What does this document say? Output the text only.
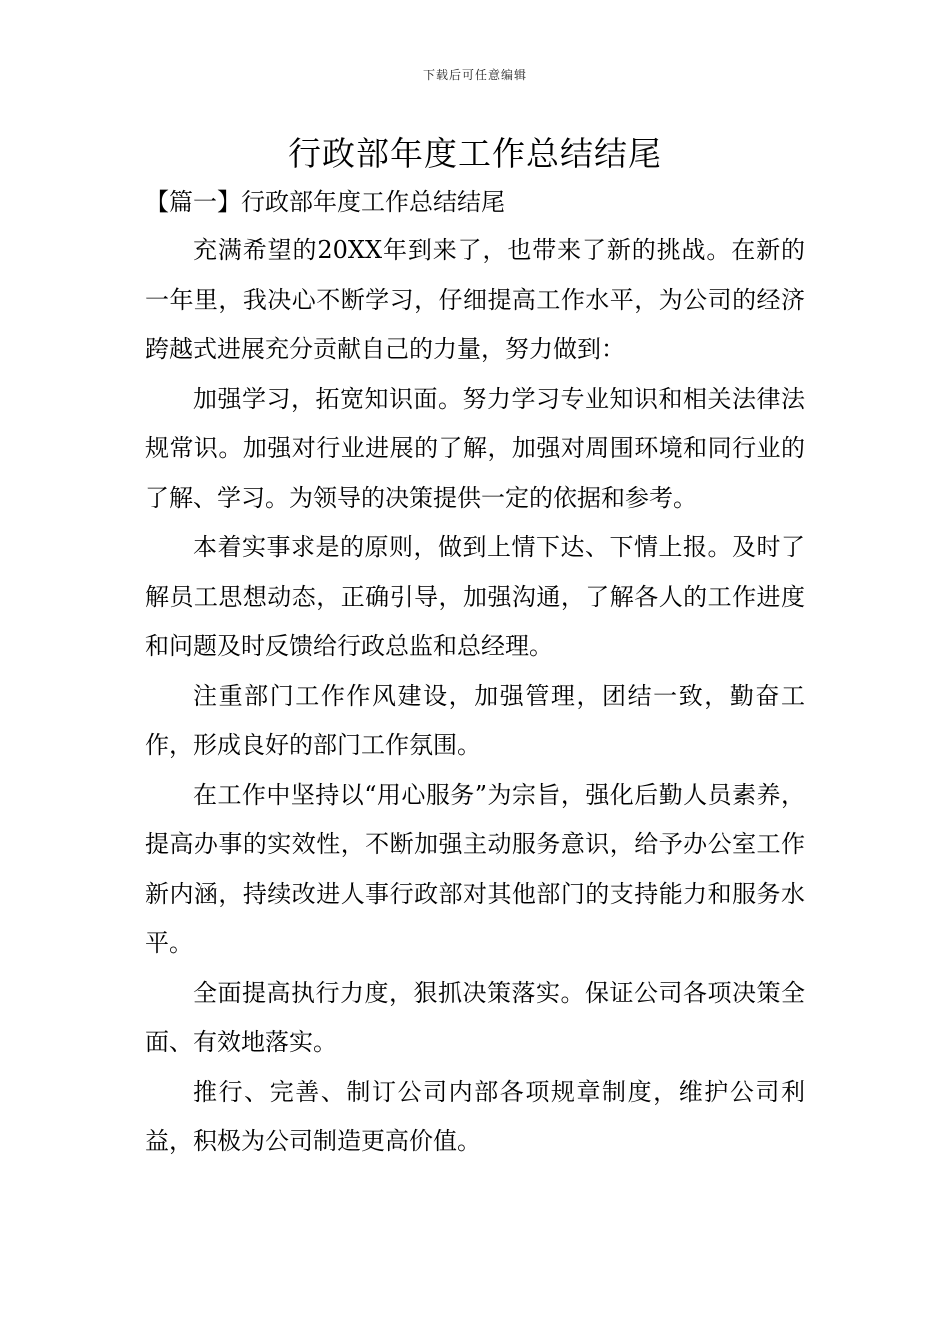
下载后可任意编辑
行政部年度工作总结结尾
【篇一】行政部年度工作总结结尾

充满希望的20XX年到来了，也带来了新的挑战。在新的一年里，我决心不断学习，仔细提高工作水平，为公司的经济跨越式进展充分贡献自己的力量，努力做到：

加强学习，拓宽知识面。努力学习专业知识和相关法律法规常识。加强对行业进展的了解，加强对周围环境和同行业的了解、学习。为领导的决策提供一定的依据和参考。

本着实事求是的原则，做到上情下达、下情上报。及时了解员工思想动态，正确引导，加强沟通，了解各人的工作进度和问题及时反馈给行政总监和总经理。

注重部门工作作风建设，加强管理，团结一致，勤奋工作，形成良好的部门工作氛围。

在工作中坚持以“用心服务”为宗旨，强化后勤人员素养，提高办事的实效性，不断加强主动服务意识，给予办公室工作新内涵，持续改进人事行政部对其他部门的支持能力和服务水平。

全面提高执行力度，狠抓决策落实。保证公司各项决策全面、有效地落实。

推行、完善、制订公司内部各项规章制度，维护公司利益，积极为公司制造更高价值。
